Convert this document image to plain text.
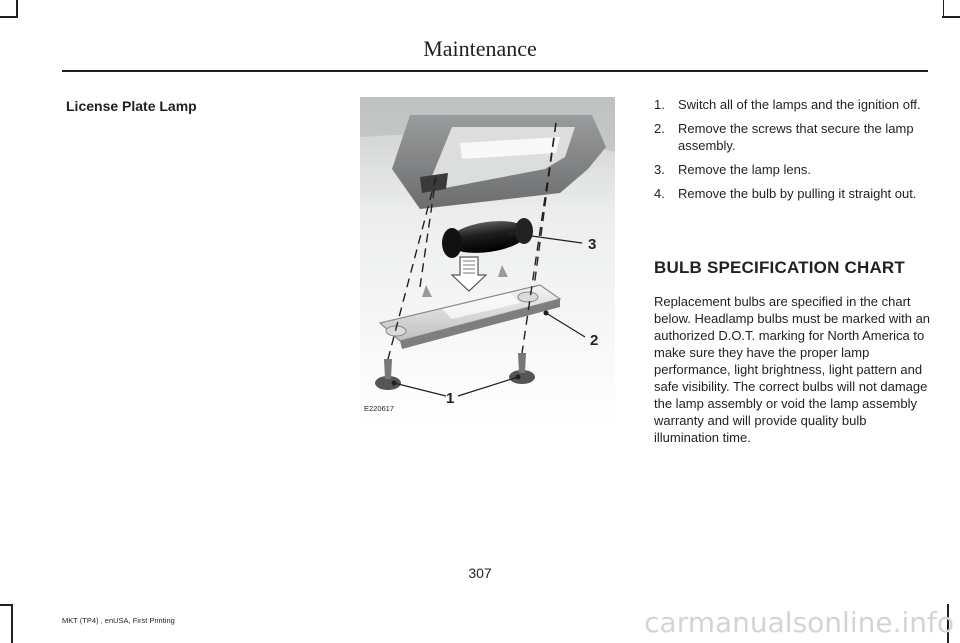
Maintenance
License Plate Lamp
3
2
1
E220617
1. Switch all of the lamps and the ignition off.
2. Remove the screws that secure the lamp assembly.
3. Remove the lamp lens.
4. Remove the bulb by pulling it straight out.
BULB SPECIFICATION CHART

Replacement bulbs are specified in the chart below. Headlamp bulbs must be marked with an authorized D.O.T. marking for North America to make sure they have the proper lamp performance, light brightness, light pattern and safe visibility. The correct bulbs will not damage the lamp assembly or void the lamp assembly warranty and will provide quality bulb illumination time.

307
MKT (TP4) , enUSA, First Printing	carmanualsonline.info
